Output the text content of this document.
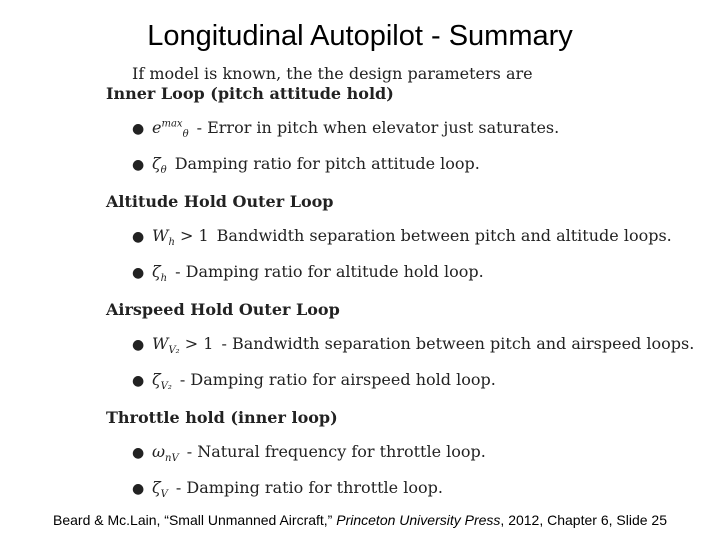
Longitudinal Autopilot - Summary
If model is known, the the design parameters are
Inner Loop (pitch attitude hold)
● $e^{max}_\theta$ - Error in pitch when elevator just saturates.
● $\zeta_\theta$ Damping ratio for pitch attitude loop.
Altitude Hold Outer Loop
● $W_h > 1$ Bandwidth separation between pitch and altitude loops.
● $\zeta_h$ - Damping ratio for altitude hold loop.
Airspeed Hold Outer Loop
● $W_{V_2} > 1$ - Bandwidth separation between pitch and airspeed loops.
● $\zeta_{V_2}$ - Damping ratio for airspeed hold loop.
Throttle hold (inner loop)
● $\omega_{nV}$ - Natural frequency for throttle loop.
● $\zeta_V$ - Damping ratio for throttle loop.
Beard & Mc.Lain, “Small Unmanned Aircraft,” Princeton University Press, 2012, Chapter 6, Slide 25
